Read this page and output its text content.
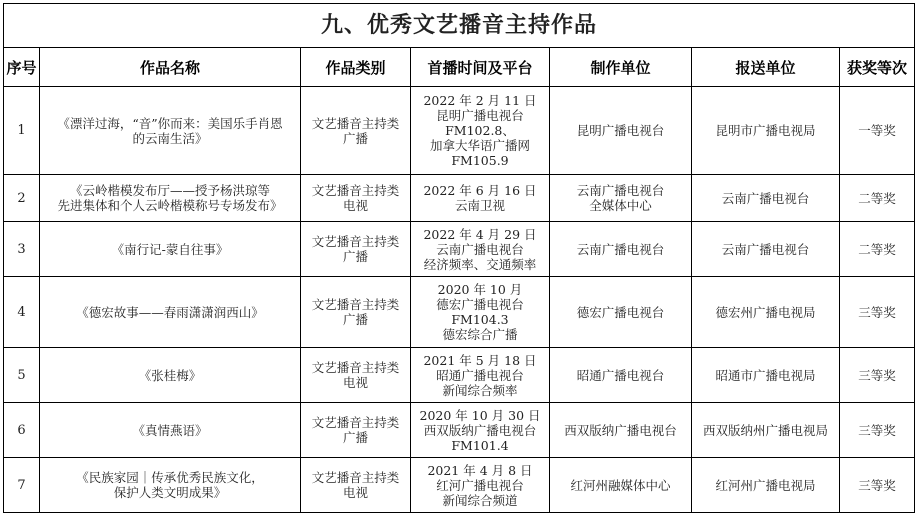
九、优秀文艺播音主持作品						
序号	作品名称	作品类别	首播时间及平台	制作单位	报送单位	获奖等次
1	《漂洋过海，“音”你而来：美国乐手肖恩
的云南生活》	文艺播音主持类
广播	2022 年 2 月 11 日
昆明广播电视台
FM102.8、
加拿大华语广播网
FM105.9	昆明广播电视台	昆明市广播电视局	一等奖
2	《云岭楷模发布厅——授予杨洪琼等
先进集体和个人云岭楷模称号专场发布》	文艺播音主持类
电视	2022 年 6 月 16 日
云南卫视	云南广播电视台
全媒体中心	云南广播电视台	二等奖
3	《南行记-蒙自往事》	文艺播音主持类
广播	2022 年 4 月 29 日
云南广播电视台
经济频率、交通频率	云南广播电视台	云南广播电视台	二等奖
4	《德宏故事——春雨潇潇润西山》	文艺播音主持类
广播	2020 年 10 月
德宏广播电视台
FM104.3
德宏综合广播	德宏广播电视台	德宏州广播电视局	三等奖
5	《张桂梅》	文艺播音主持类
电视	2021 年 5 月 18 日
昭通广播电视台
新闻综合频率	昭通广播电视台	昭通市广播电视局	三等奖
6	《真情燕语》	文艺播音主持类
广播	2020 年 10 月 30 日
西双版纳广播电视台
FM101.4	西双版纳广播电视台	西双版纳州广播电视局	三等奖
7	《民族家园｜传承优秀民族文化，
保护人类文明成果》	文艺播音主持类
电视	2021 年 4 月 8 日
红河广播电视台
新闻综合频道	红河州融媒体中心	红河州广播电视局	三等奖
